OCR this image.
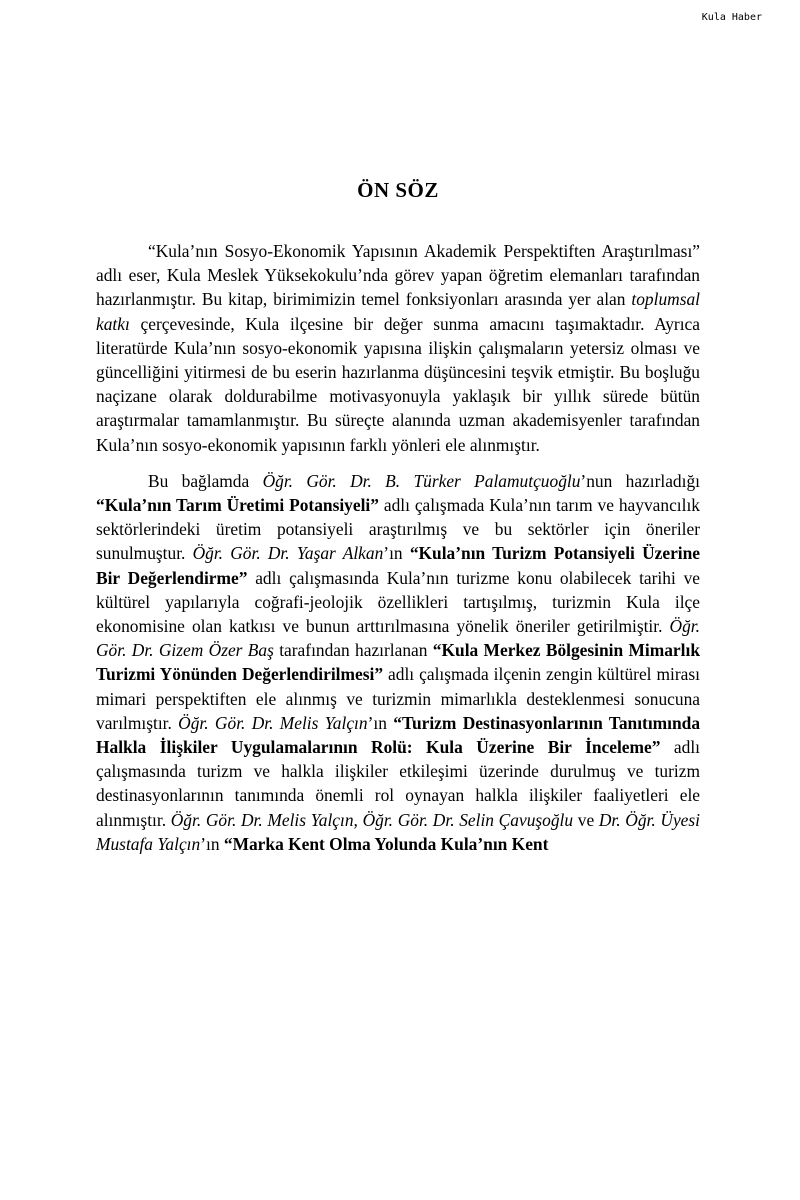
Kula Haber
ÖN SÖZ

“Kula’nın Sosyo-Ekonomik Yapısının Akademik Perspektiften Araştırılması” adlı eser, Kula Meslek Yüksekokulu’nda görev yapan öğretim elemanları tarafından hazırlanmıştır. Bu kitap, birimimizin temel fonksiyonları arasında yer alan toplumsal katkı çerçevesinde, Kula ilçesine bir değer sunma amacını taşımaktadır. Ayrıca literatürde Kula’nın sosyo-ekonomik yapısına ilişkin çalışmaların yetersiz olması ve güncelliğini yitirmesi de bu eserin hazırlanma düşüncesini teşvik etmiştir. Bu boşluğu naçizane olarak doldurabilme motivasyonuyla yaklaşık bir yıllık sürede bütün araştırmalar tamamlanmıştır. Bu süreçte alanında uzman akademisyenler tarafından Kula’nın sosyo-ekonomik yapısının farklı yönleri ele alınmıştır.

Bu bağlamda Öğr. Gör. Dr. B. Türker Palamutçuoğlu’nun hazırladığı “Kula’nın Tarım Üretimi Potansiyeli” adlı çalışmada Kula’nın tarım ve hayvancılık sektörlerindeki üretim potansiyeli araştırılmış ve bu sektörler için öneriler sunulmuştur. Öğr. Gör. Dr. Yaşar Alkan’ın “Kula’nın Turizm Potansiyeli Üzerine Bir Değerlendirme” adlı çalışmasında Kula’nın turizme konu olabilecek tarihi ve kültürel yapılarıyla coğrafi-jeolojik özellikleri tartışılmış, turizmin Kula ilçe ekonomisine olan katkısı ve bunun arttırılmasına yönelik öneriler getirilmiştir. Öğr. Gör. Dr. Gizem Özer Baş tarafından hazırlanan “Kula Merkez Bölgesinin Mimarlık Turizmi Yönünden Değerlendirilmesi” adlı çalışmada ilçenin zengin kültürel mirası mimari perspektiften ele alınmış ve turizmin mimarlıkla desteklenmesi sonucuna varılmıştır. Öğr. Gör. Dr. Melis Yalçın’ın “Turizm Destinasyonlarının Tanıtımında Halkla İlişkiler Uygulamalarının Rolü: Kula Üzerine Bir İnceleme” adlı çalışmasında turizm ve halkla ilişkiler etkileşimi üzerinde durulmuş ve turizm destinasyonlarının tanımında önemli rol oynayan halkla ilişkiler faaliyetleri ele alınmıştır. Öğr. Gör. Dr. Melis Yalçın, Öğr. Gör. Dr. Selin Çavuşoğlu ve Dr. Öğr. Üyesi Mustafa Yalçın’ın “Marka Kent Olma Yolunda Kula’nın Kent
